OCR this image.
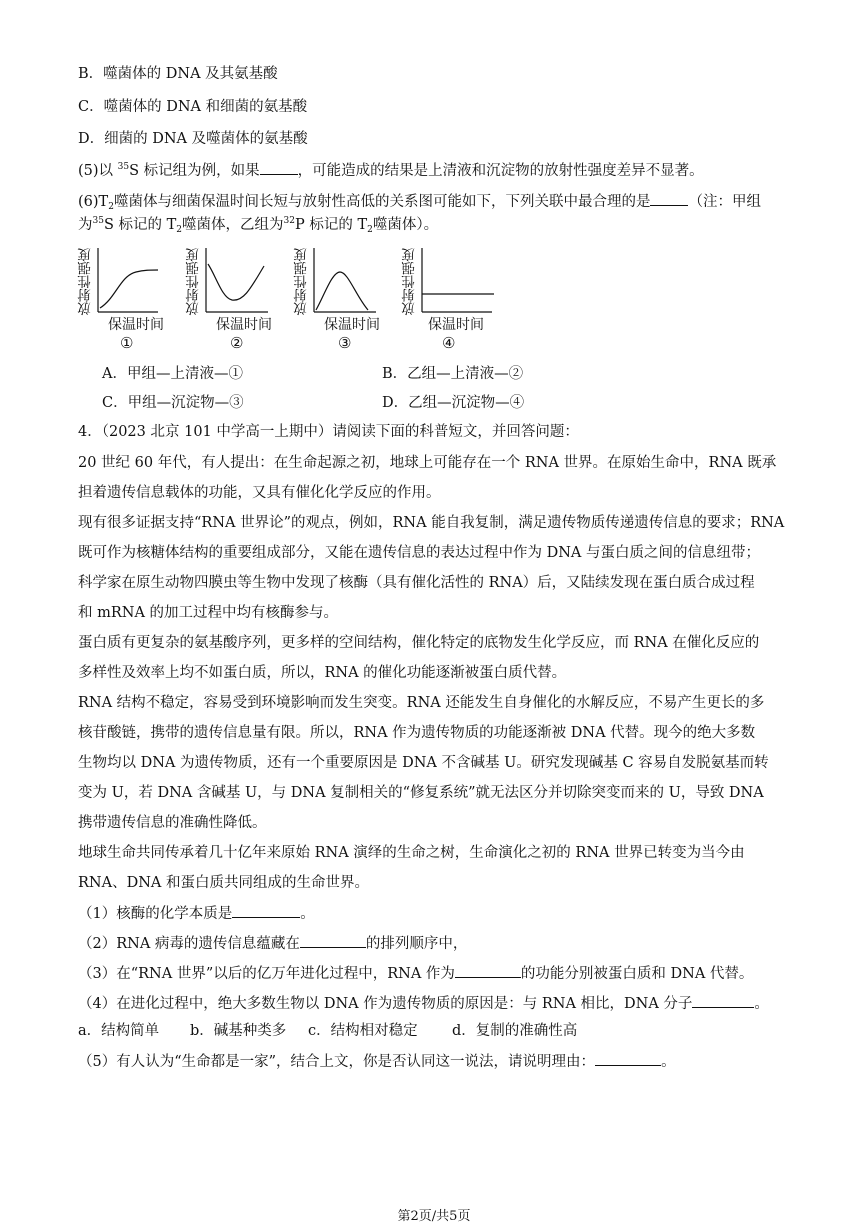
B．噬菌体的 DNA 及其氨基酸
C．噬菌体的 DNA 和细菌的氨基酸
D．细菌的 DNA 及噬菌体的氨基酸
(5)以 $^{35}$S 标记组为例，如果	，可能造成的结果是上清液和沉淀物的放射性强度差异不显著。
$(6)T_2$噬菌体与细菌保温时间长短与放射性高低的关系图可能如下，下列关联中最合理的是	（注：甲组
为$^{35}$S 标记的 $T_2$噬菌体，乙组为$^{32}$P 标记的 $T_2$噬菌体）。
放射性强度
保温时间
①
放射性强度
保温时间
②
放射性强度
保温时间
③
放射性强度
保温时间
④
A．甲组—上清液—①	B．乙组—上清液—②
C．甲组—沉淀物—③	D．乙组—沉淀物—④
4．（2023 北京 101 中学高一上期中）请阅读下面的科普短文，并回答问题：
20 世纪 60 年代，有人提出：在生命起源之初，地球上可能存在一个 RNA 世界。在原始生命中，RNA 既承
担着遗传信息载体的功能，又具有催化化学反应的作用。
现有很多证据支持“RNA 世界论”的观点，例如，RNA 能自我复制，满足遗传物质传递遗传信息的要求；RNA
既可作为核糖体结构的重要组成部分，又能在遗传信息的表达过程中作为 DNA 与蛋白质之间的信息纽带；
科学家在原生动物四膜虫等生物中发现了核酶（具有催化活性的 RNA）后，又陆续发现在蛋白质合成过程
和 mRNA 的加工过程中均有核酶参与。
蛋白质有更复杂的氨基酸序列，更多样的空间结构，催化特定的底物发生化学反应，而 RNA 在催化反应的
多样性及效率上均不如蛋白质，所以，RNA 的催化功能逐渐被蛋白质代替。
RNA 结构不稳定，容易受到环境影响而发生突变。RNA 还能发生自身催化的水解反应，不易产生更长的多
核苷酸链，携带的遗传信息量有限。所以，RNA 作为遗传物质的功能逐渐被 DNA 代替。现今的绝大多数
生物均以 DNA 为遗传物质，还有一个重要原因是 DNA 不含碱基 U。研究发现碱基 C 容易自发脱氨基而转
变为 U，若 DNA 含碱基 U，与 DNA 复制相关的“修复系统”就无法区分并切除突变而来的 U，导致 DNA
携带遗传信息的准确性降低。
地球生命共同传承着几十亿年来原始 RNA 演绎的生命之树，生命演化之初的 RNA 世界已转变为当今由
RNA、DNA 和蛋白质共同组成的生命世界。
（1）核酶的化学本质是	。
（2）RNA 病毒的遗传信息蕴藏在	的排列顺序中，
（3）在“RNA 世界”以后的亿万年进化过程中，RNA 作为	的功能分别被蛋白质和 DNA 代替。
（4）在进化过程中，绝大多数生物以 DNA 作为遗传物质的原因是：与 RNA 相比，DNA 分子	。
a．结构简单 b．碱基种类多 c．结构相对稳定 d．复制的准确性高
（5）有人认为“生命都是一家”，结合上文，你是否认同这一说法，请说明理由：	。
第2页/共5页
